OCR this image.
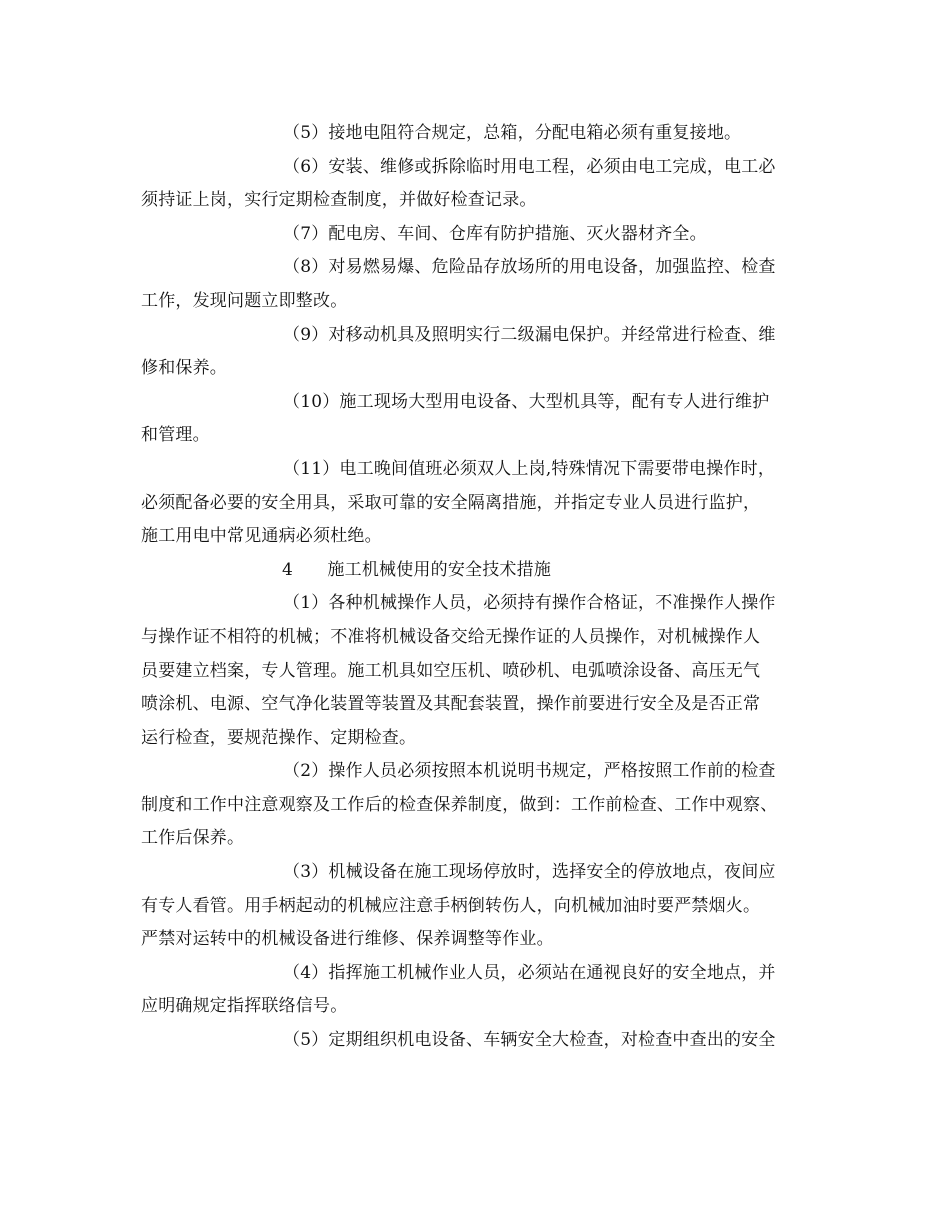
（5）接地电阻符合规定，总箱，分配电箱必须有重复接地。
（6）安装、维修或拆除临时用电工程，必须由电工完成，电工必
须持证上岗，实行定期检查制度，并做好检查记录。
（7）配电房、车间、仓库有防护措施、灭火器材齐全。
（8）对易燃易爆、危险品存放场所的用电设备，加强监控、检查
工作，发现问题立即整改。
（9）对移动机具及照明实行二级漏电保护。并经常进行检查、维
修和保养。
（10）施工现场大型用电设备、大型机具等，配有专人进行维护
和管理。
（11）电工晚间值班必须双人上岗,特殊情况下需要带电操作时，
必须配备必要的安全用具，采取可靠的安全隔离措施，并指定专业人员进行监护，
施工用电中常见通病必须杜绝。
4　　施工机械使用的安全技术措施
（1）各种机械操作人员，必须持有操作合格证，不准操作人操作
与操作证不相符的机械；不准将机械设备交给无操作证的人员操作，对机械操作人
员要建立档案，专人管理。施工机具如空压机、喷砂机、电弧喷涂设备、高压无气
喷涂机、电源、空气净化装置等装置及其配套装置，操作前要进行安全及是否正常
运行检查，要规范操作、定期检查。
（2）操作人员必须按照本机说明书规定，严格按照工作前的检查
制度和工作中注意观察及工作后的检查保养制度，做到：工作前检查、工作中观察、
工作后保养。
（3）机械设备在施工现场停放时，选择安全的停放地点，夜间应
有专人看管。用手柄起动的机械应注意手柄倒转伤人，向机械加油时要严禁烟火。
严禁对运转中的机械设备进行维修、保养调整等作业。
（4）指挥施工机械作业人员，必须站在通视良好的安全地点，并
应明确规定指挥联络信号。
（5）定期组织机电设备、车辆安全大检查，对检查中查出的安全
